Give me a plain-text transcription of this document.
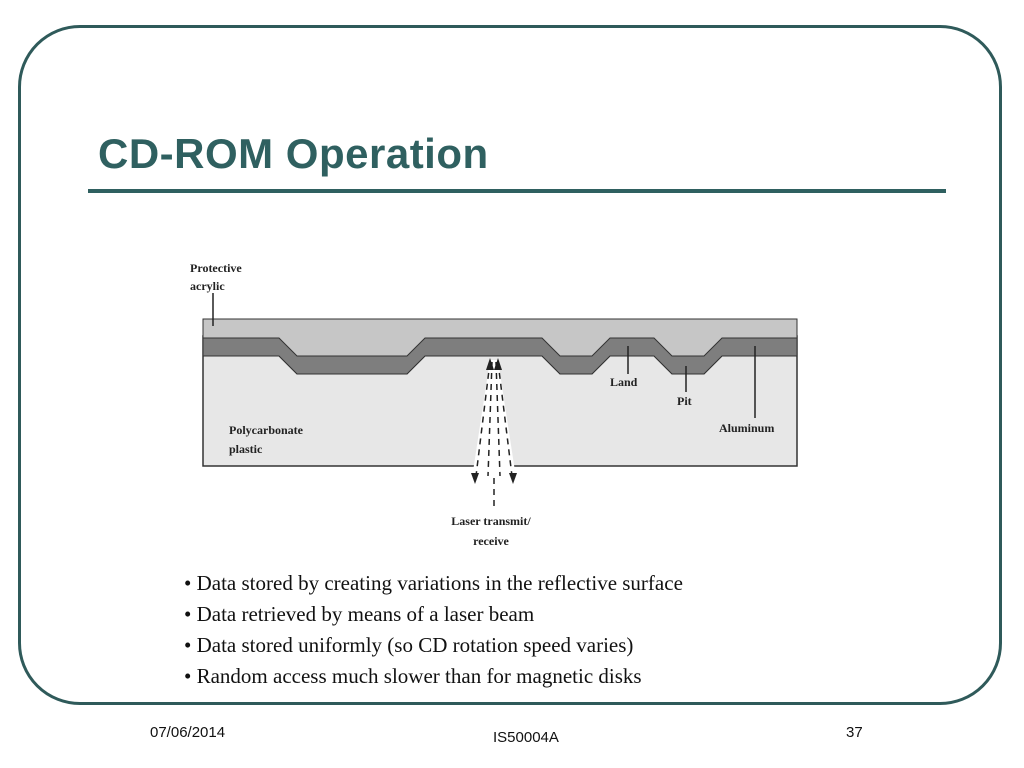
CD-ROM Operation
Protective
acrylic
Land
Pit
Aluminum
Polycarbonate
plastic
Laser transmit/
receive
• Data stored by creating variations in the reflective surface
• Data retrieved by means of a laser beam
• Data stored uniformly (so CD rotation speed varies)
• Random access much slower than for magnetic disks
07/06/2014	IS50004A	37
